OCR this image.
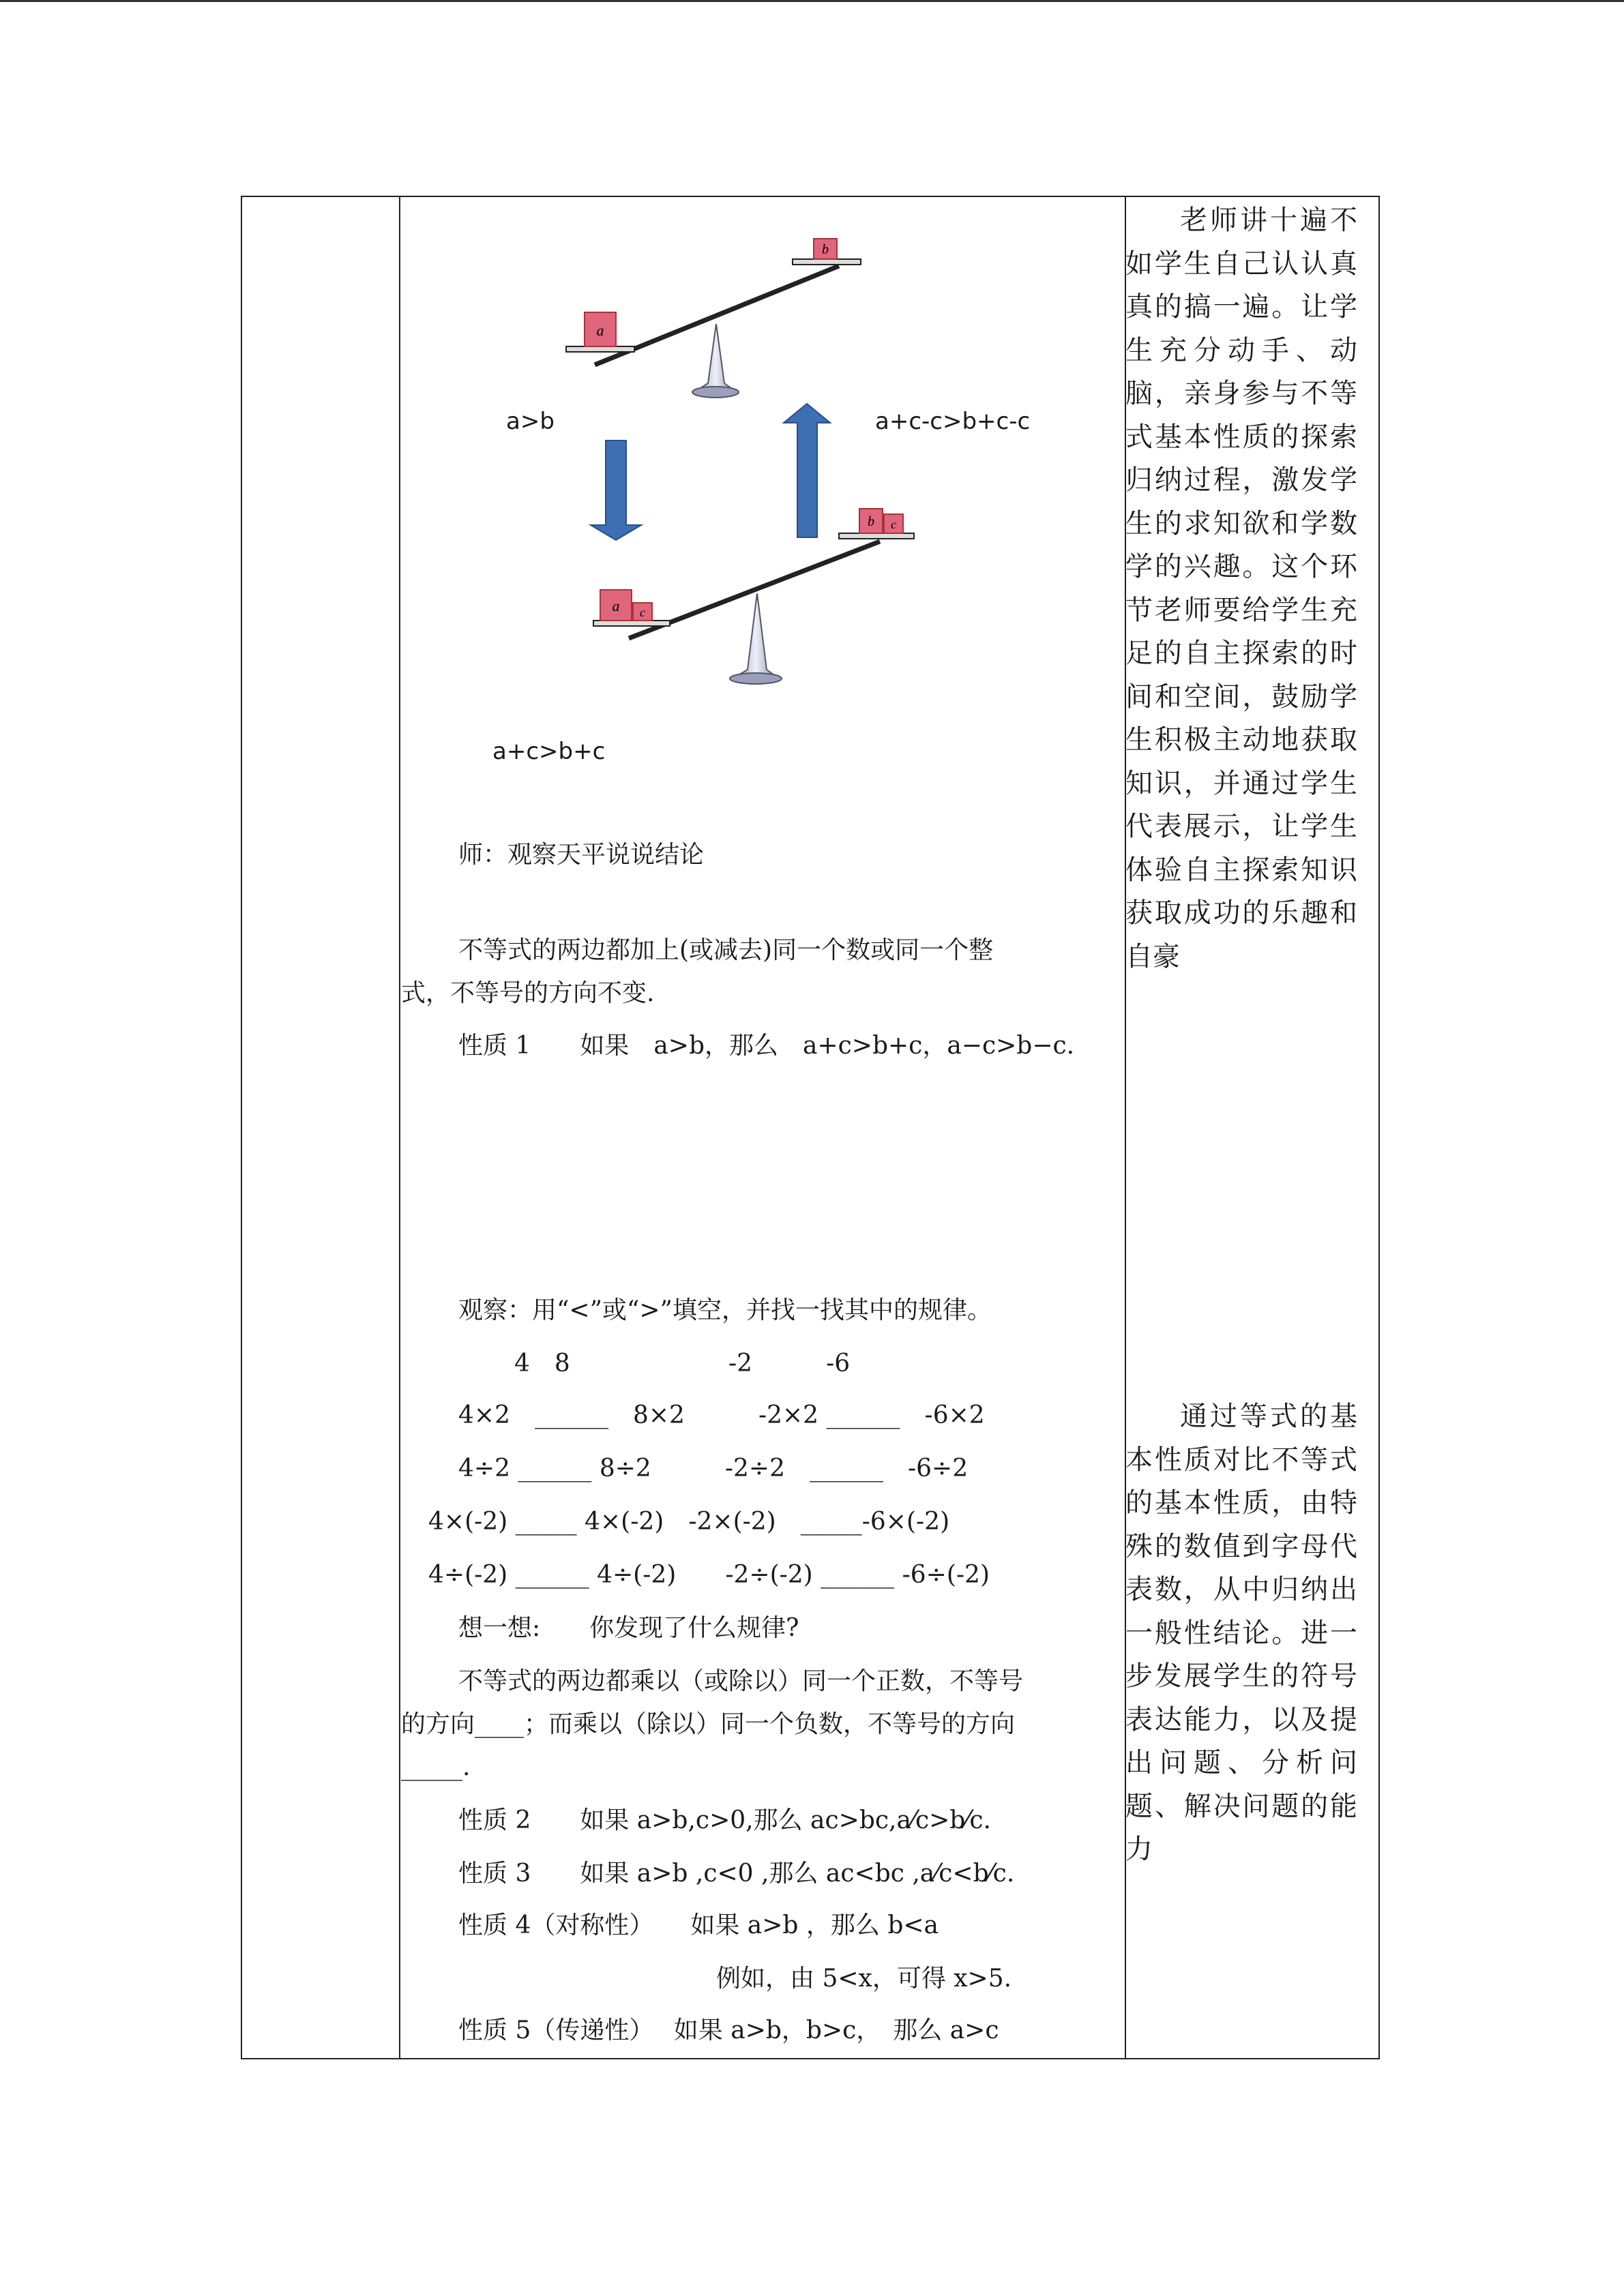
a
b
a c
b c
a>b	a+c-c>b+c-c
a+c>b+c
师：观察天平说说结论
不等式的两边都加上(或减去)同一个数或同一个整
式，不等号的方向不变.
性质 1　　如果　a>b，那么　a+c>b+c，a−c>b−c.
观察：用“<”或“>”填空，并找一找其中的规律。
4　8	-2　　　-6
4×2　______　8×2　　　-2×2 ______　-6×2
4÷2 ______ 8÷2　　　-2÷2　______　-6÷2
4×(-2) _____ 4×(-2)　-2×(-2)　_____-6×(-2)
4÷(-2) ______ 4÷(-2)　　-2÷(-2) ______ -6÷(-2)
想一想:　　你发现了什么规律?
不等式的两边都乘以（或除以）同一个正数，不等号
的方向____；而乘以（除以）同一个负数，不等号的方向
_____.
性质 2　　如果 a>b,c>0,那么 ac>bc,a⁄c>b⁄c.
性质 3　　如果 a>b ,c<0 ,那么 ac<bc ,a⁄c<b⁄c.
性质 4（对称性）　　如果 a>b ，那么 b<a
例如，由 5<x，可得 x>5.
性质 5（传递性）　 如果 a>b，b>c，　那么 a>c

老师讲十遍不如学生自己认认真真的搞一遍。让学生充分动手、动脑，亲身参与不等式基本性质的探索归纳过程，激发学生的求知欲和学数学的兴趣。这个环节老师要给学生充足的自主探索的时间和空间，鼓励学生积极主动地获取知识，并通过学生代表展示，让学生体验自主探索知识获取成功的乐趣和自豪

通过等式的基本性质对比不等式的基本性质，由特殊的数值到字母代表数，从中归纳出一般性结论。进一步发展学生的符号表达能力，以及提出问题、分析问题、解决问题的能力
